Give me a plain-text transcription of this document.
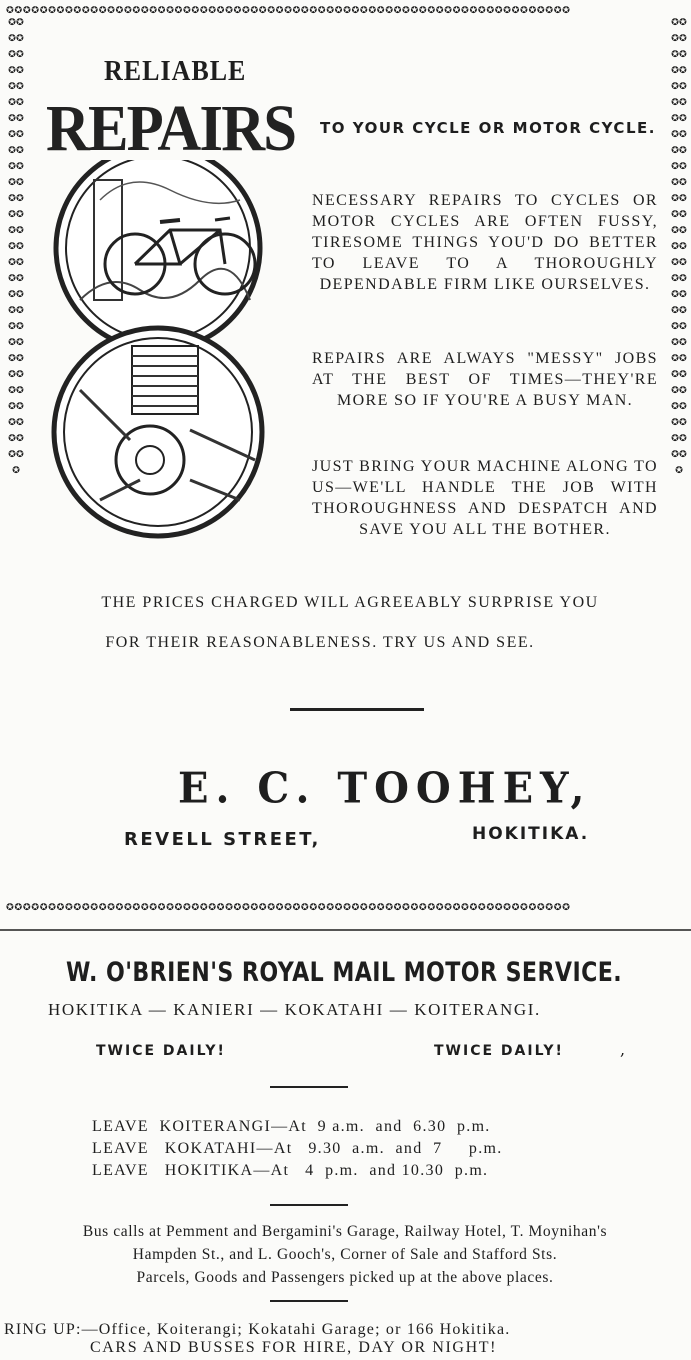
✪✪✪✪✪✪✪✪✪✪✪✪✪✪✪✪✪✪✪✪✪✪✪✪✪✪✪✪✪✪✪✪✪✪✪✪✪✪✪✪✪✪✪✪✪✪✪✪✪✪✪✪✪✪✪✪✪✪✪✪✪✪✪✪✪✪✪
✪✪✪✪✪✪✪✪✪✪✪✪✪✪✪✪✪✪✪✪✪✪✪✪✪✪✪✪✪✪✪✪✪✪✪✪✪✪✪✪✪✪✪✪✪✪✪✪✪✪✪✪✪✪✪✪✪✪✪✪✪✪✪✪✪✪✪
✪✪✪✪✪✪✪✪✪✪✪✪✪✪✪✪✪✪✪✪✪✪✪✪✪✪✪✪✪✪✪✪✪✪✪✪✪✪✪✪✪✪✪✪✪✪✪✪✪✪✪✪✪✪✪✪✪
✪✪✪✪✪✪✪✪✪✪✪✪✪✪✪✪✪✪✪✪✪✪✪✪✪✪✪✪✪✪✪✪✪✪✪✪✪✪✪✪✪✪✪✪✪✪✪✪✪✪✪✪✪✪✪✪✪
RELIABLE
REPAIRS TO YOUR CYCLE OR MOTOR CYCLE.
NECESSARY REPAIRS TO CYCLES OR MOTOR CYCLES ARE OFTEN FUSSY, TIRESOME THINGS YOU'D DO BETTER TO LEAVE TO A THOROUGHLY DEPENDABLE FIRM LIKE OURSELVES.
REPAIRS ARE ALWAYS "MESSY" JOBS AT THE BEST OF TIMES—THEY'RE MORE SO IF YOU'RE A BUSY MAN.
JUST BRING YOUR MACHINE ALONG TO US—WE'LL HANDLE THE JOB WITH THOROUGHNESS AND DESPATCH AND SAVE YOU ALL THE BOTHER.
THE PRICES CHARGED WILL AGREEABLY SURPRISE YOU
FOR THEIR REASONABLENESS. TRY US AND SEE.
E. C. TOOHEY,
REVELL STREET,	HOKITIKA.
W. O'BRIEN'S ROYAL MAIL MOTOR SERVICE.
HOKITIKA — KANIERI — KOKATAHI — KOITERANGI.
TWICE DAILY!	TWICE DAILY!	,
LEAVE  KOITERANGI—At  9 a.m.  and  6.30  p.m.
LEAVE   KOKATAHI—At   9.30  a.m.  and  7     p.m.
LEAVE   HOKITIKA—At   4  p.m.  and 10.30  p.m.
Bus calls at Pemment and Bergamini's Garage, Railway Hotel, T. Moynihan's
Hampden St., and L. Gooch's, Corner of Sale and Stafford Sts.
Parcels, Goods and Passengers picked up at the above places.
RING UP:—Office, Koiterangi; Kokatahi Garage; or 166 Hokitika.
CARS AND BUSSES FOR HIRE, DAY OR NIGHT!
